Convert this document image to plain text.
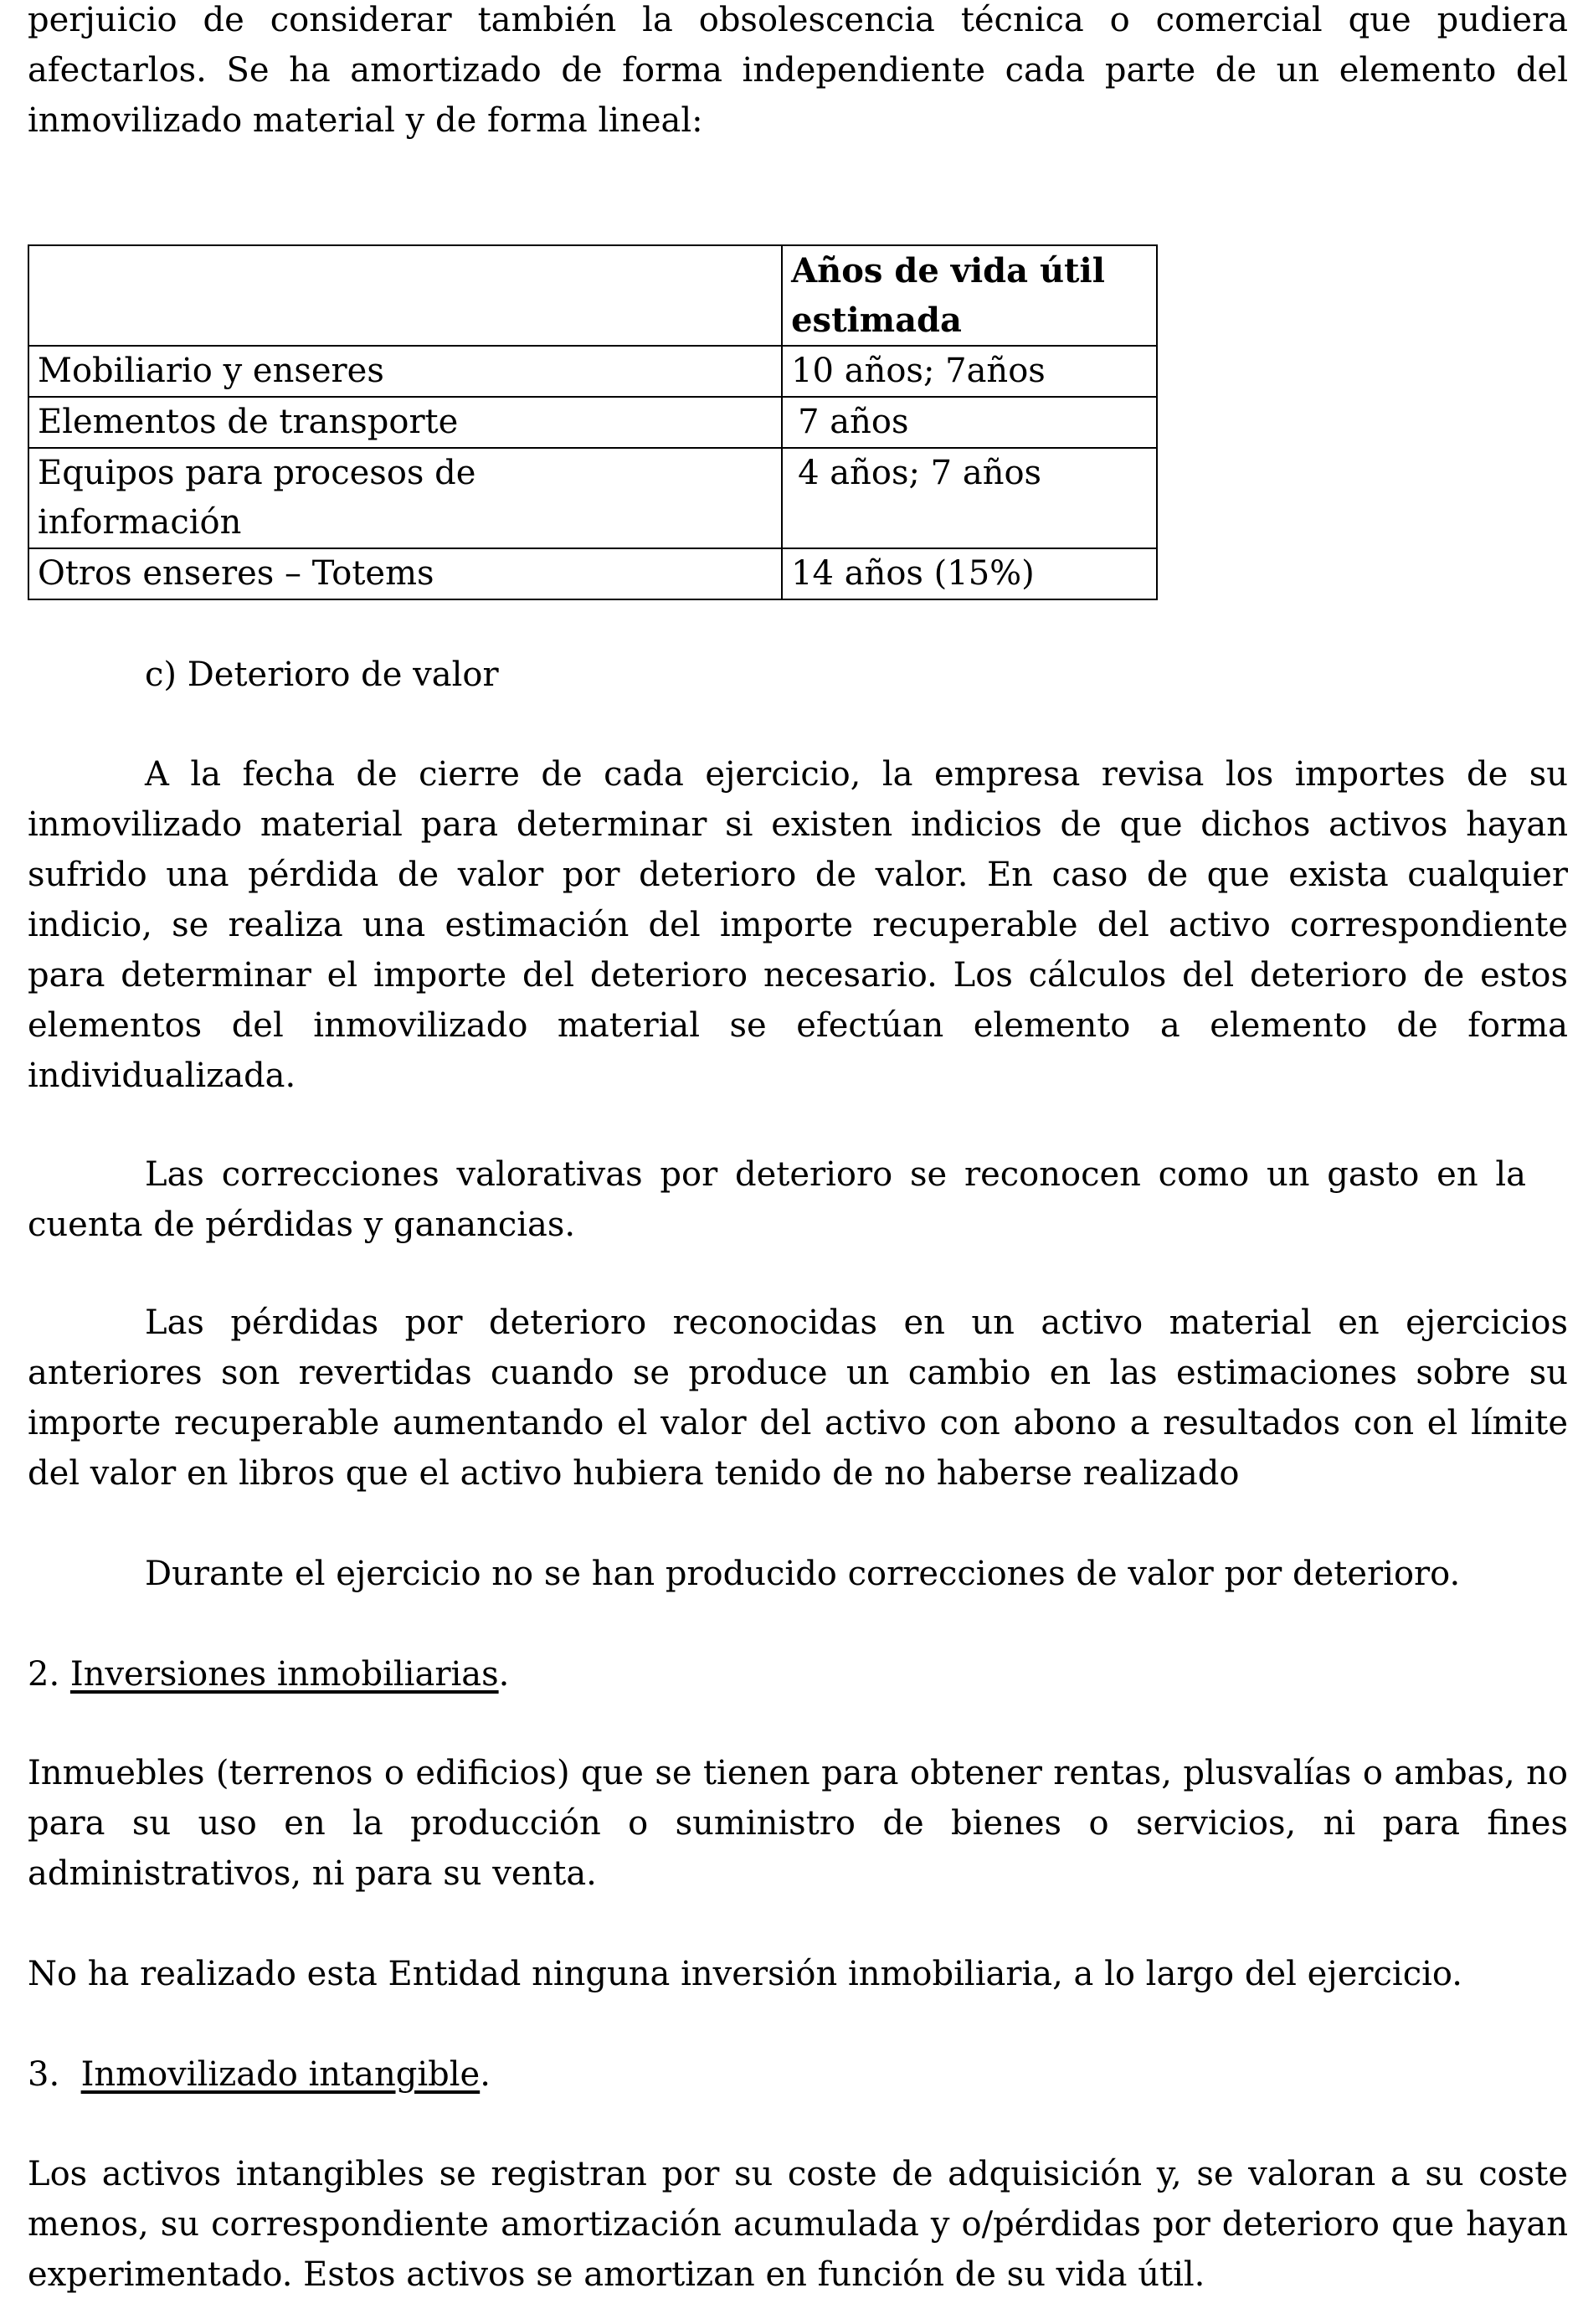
perjuicio de considerar también la obsolescencia técnica o comercial que pudiera

afectarlos. Se ha amortizado de forma independiente cada parte de un elemento del

inmovilizado material y de forma lineal:

	Años de vida útil estimada
Mobiliario y enseres	10 años; 7años
Elementos de transporte	7 años
Equipos para procesos de información	4 años; 7 años
Otros enseres – Totems	14 años (15%)

c) Deterioro de valor

A la fecha de cierre de cada ejercicio, la empresa revisa los importes de su inmovilizado material para determinar si existen indicios de que dichos activos hayan sufrido una pérdida de valor por deterioro de valor. En caso de que exista cualquier indicio, se realiza una estimación del importe recuperable del activo correspondiente para determinar el importe del deterioro necesario. Los cálculos del deterioro de estos elementos del inmovilizado material se efectúan elemento a elemento de forma individualizada.

Las correcciones valorativas por deterioro se reconocen como un gasto en la cuenta de pérdidas y ganancias.

Las pérdidas por deterioro reconocidas en un activo material en ejercicios anteriores son revertidas cuando se produce un cambio en las estimaciones sobre su importe recuperable aumentando el valor del activo con abono a resultados con el límite del valor en libros que el activo hubiera tenido de no haberse realizado

Durante el ejercicio no se han producido correcciones de valor por deterioro.

2. Inversiones inmobiliarias.

Inmuebles (terrenos o edificios) que se tienen para obtener rentas, plusvalías o ambas, no para su uso en la producción o suministro de bienes o servicios, ni para fines administrativos, ni para su venta.

No ha realizado esta Entidad ninguna inversión inmobiliaria, a lo largo del ejercicio.

3. Inmovilizado intangible.

Los activos intangibles se registran por su coste de adquisición y, se valoran a su coste menos, su correspondiente amortización acumulada y o/pérdidas por deterioro que hayan experimentado. Estos activos se amortizan en función de su vida útil.
